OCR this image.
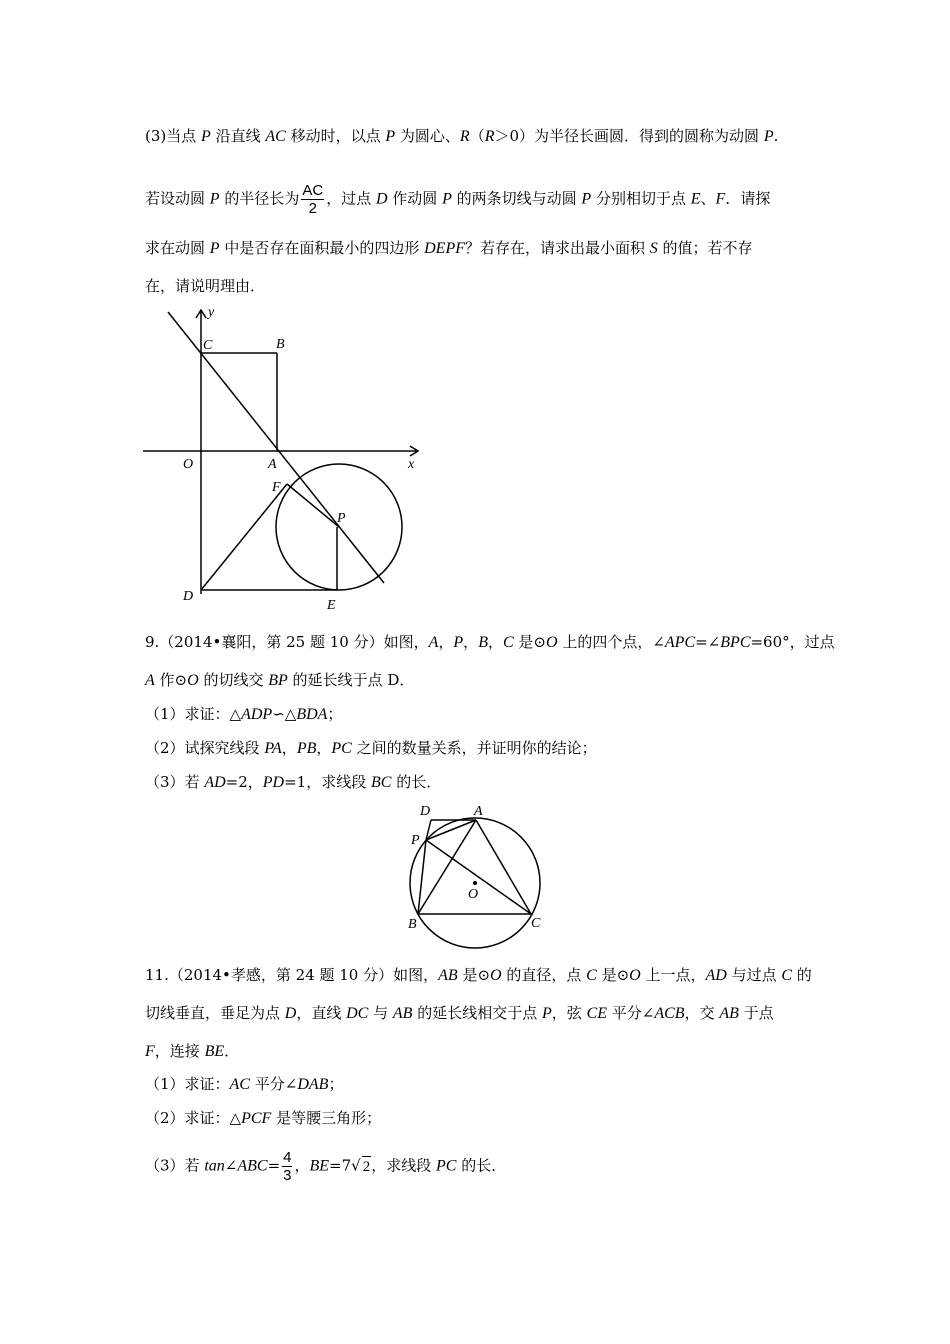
(3)当点 P 沿直线 AC 移动时，以点 P 为圆心、R（R＞0）为半径长画圆．得到的圆称为动圆 P.
若设动圆 P 的半径长为 $\frac{AC}{2}$ ，过点 D 作动圆 P 的两条切线与动圆 P 分别相切于点 E、F．请探
求在动圆 P 中是否存在面积最小的四边形 DEPF？若存在，请求出最小面积 S 的值；若不存
在，请说明理由．
y
C	B
O	A	x
F
P
D
E
9.（2014•襄阳，第 25 题 10 分）如图，A，P，B，C 是⊙O 上的四个点，∠APC=∠BPC=60°，过点
A 作⊙O 的切线交 BP 的延长线于点 D．
（1）求证：△ADP∽△BDA；
（2）试探究线段 PA，PB，PC 之间的数量关系，并证明你的结论；
（3）若 AD=2，PD=1，求线段 BC 的长．
D	A
P
O
B	C
11.（2014•孝感，第 24 题 10 分）如图，AB 是⊙O 的直径，点 C 是⊙O 上一点，AD 与过点 C 的
切线垂直，垂足为点 D，直线 DC 与 AB 的延长线相交于点 P，弦 CE 平分∠ACB，交 AB 于点
F，连接 BE．
（1）求证：AC 平分∠DAB；
（2）求证：△PCF 是等腰三角形；
（3）若 tan∠ABC= $\frac{4}{3}$ ，BE=7√ 2，求线段 PC 的长．
